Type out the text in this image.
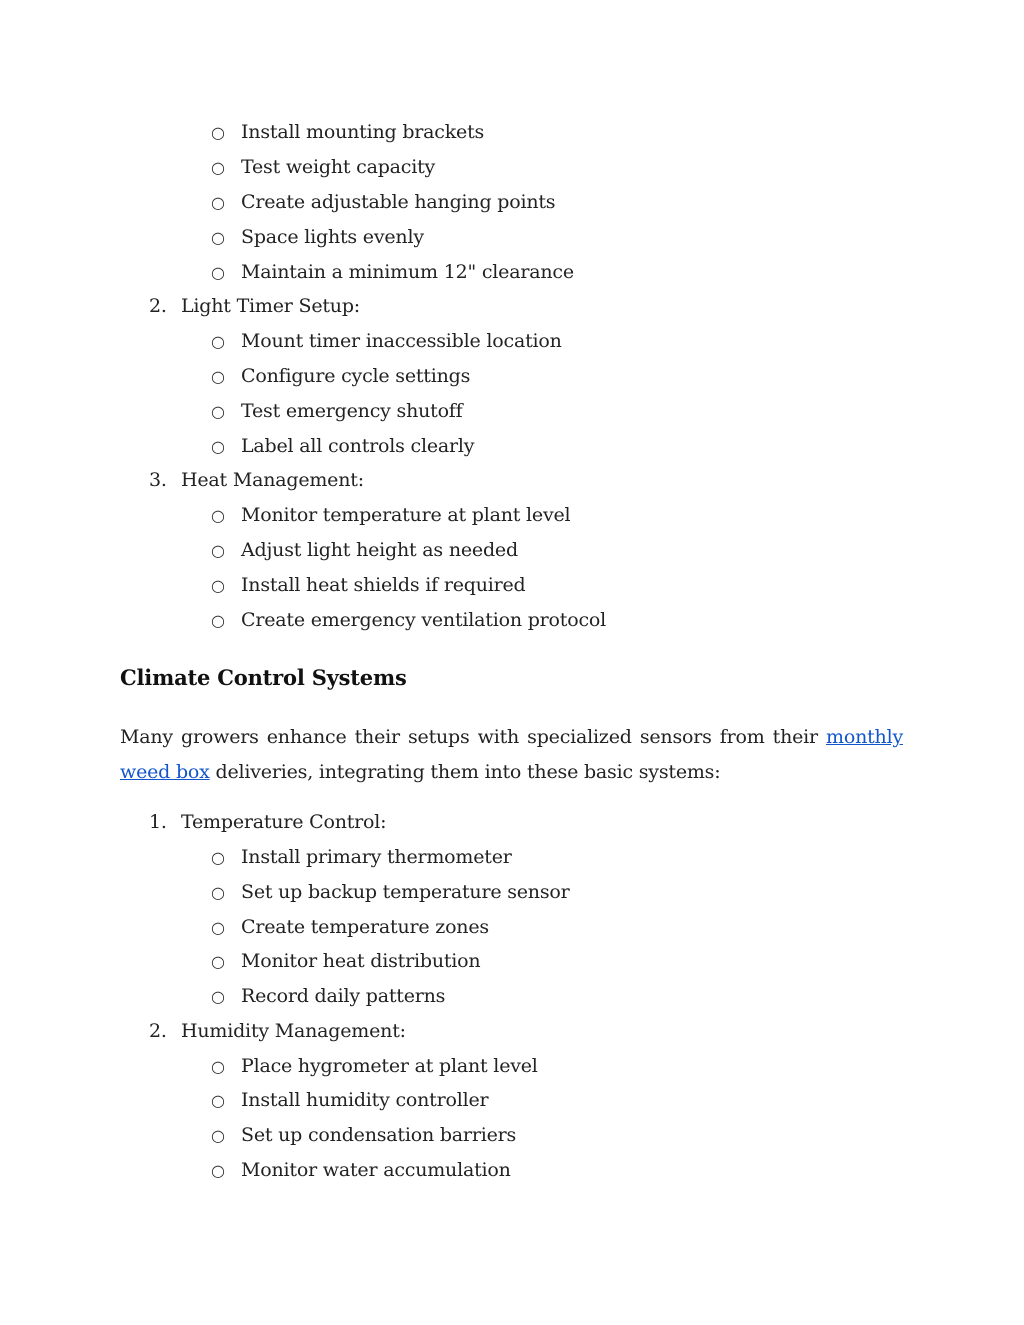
○ Install mounting brackets
○ Test weight capacity
○ Create adjustable hanging points
○ Space lights evenly
○ Maintain a minimum 12" clearance
2. Light Timer Setup:
○ Mount timer inaccessible location
○ Configure cycle settings
○ Test emergency shutoff
○ Label all controls clearly
3. Heat Management:
○ Monitor temperature at plant level
○ Adjust light height as needed
○ Install heat shields if required
○ Create emergency ventilation protocol
Climate Control Systems
Many growers enhance their setups with specialized sensors from their monthly weed box deliveries, integrating them into these basic systems:
1. Temperature Control:
○ Install primary thermometer
○ Set up backup temperature sensor
○ Create temperature zones
○ Monitor heat distribution
○ Record daily patterns
2. Humidity Management:
○ Place hygrometer at plant level
○ Install humidity controller
○ Set up condensation barriers
○ Monitor water accumulation
